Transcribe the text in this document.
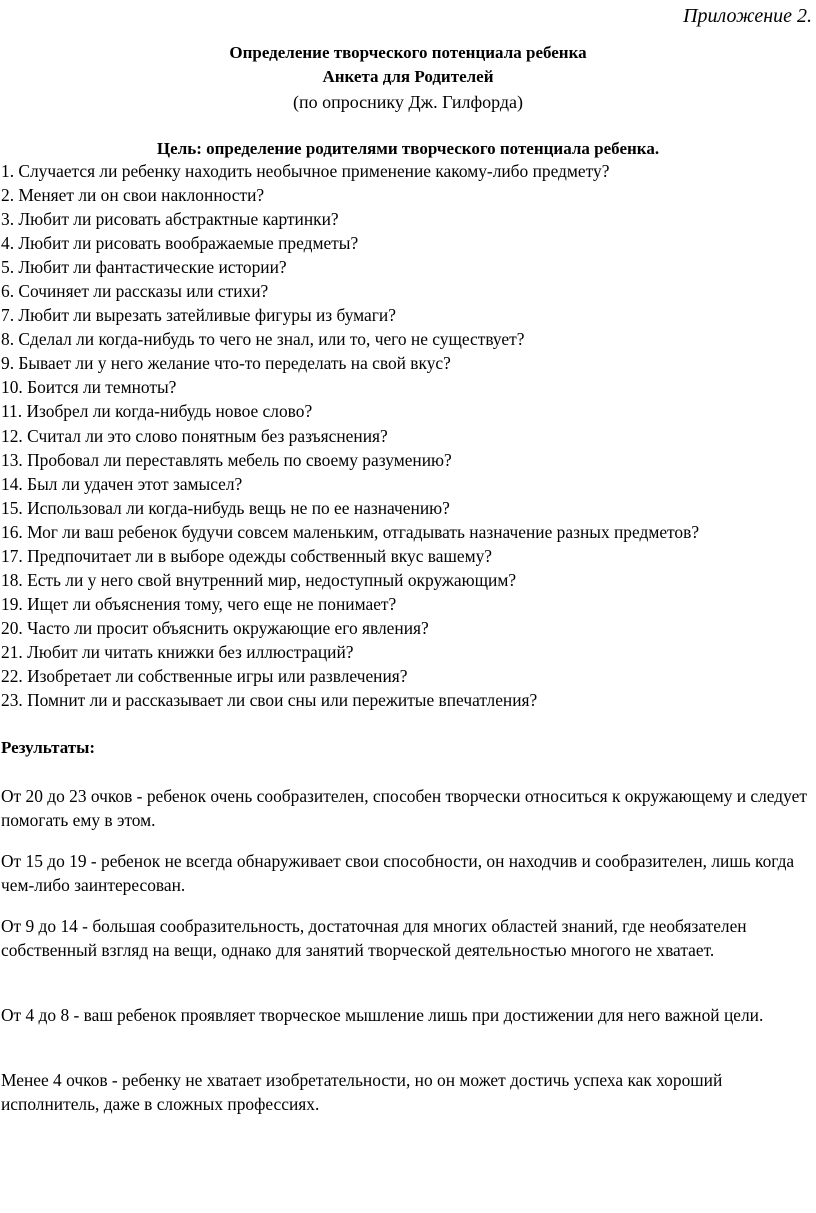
Приложение 2.
Определение творческого потенциала ребенка
Анкета для Родителей
(по опроснику Дж. Гилфорда)
Цель: определение родителями творческого потенциала ребенка.
1. Случается ли ребенку находить необычное применение какому-либо предмету?
2. Меняет ли он свои наклонности?
3. Любит ли рисовать абстрактные картинки?
4. Любит ли рисовать воображаемые предметы?
5. Любит ли фантастические истории?
6. Сочиняет ли рассказы или стихи?
7. Любит ли вырезать затейливые фигуры из бумаги?
8. Сделал ли когда-нибудь то чего не знал, или то, чего не существует?
9. Бывает ли у него желание что-то переделать на свой вкус?
10. Боится ли темноты?
11. Изобрел ли когда-нибудь новое слово?
12. Считал ли это слово понятным без разъяснения?
13. Пробовал ли переставлять мебель по своему разумению?
14. Был ли удачен этот замысел?
15. Использовал ли когда-нибудь вещь не по ее назначению?
16. Мог ли ваш ребенок будучи совсем маленьким, отгадывать назначение разных предметов?
17. Предпочитает ли в выборе одежды собственный вкус вашему?
18. Есть ли у него свой внутренний мир, недоступный окружающим?
19. Ищет ли объяснения тому, чего еще не понимает?
20. Часто ли просит объяснить окружающие его явления?
21. Любит ли читать книжки без иллюстраций?
22. Изобретает ли собственные игры или развлечения?
23. Помнит ли и рассказывает ли свои сны или пережитые впечатления?
Результаты:

От 20 до 23 очков - ребенок очень сообразителен, способен творчески относиться к окружающему и следует помогать ему в этом.

От 15 до 19 - ребенок не всегда обнаруживает свои способности, он находчив и сообразителен, лишь когда чем-либо заинтересован.

От 9 до 14 - большая сообразительность, достаточная для многих областей знаний, где необязателен собственный взгляд на вещи, однако для занятий творческой деятельностью многого не хватает.

От 4 до 8 - ваш ребенок проявляет творческое мышление лишь при достижении для него важной цели.

Менее 4 очков - ребенку не хватает изобретательности, но он может достичь успеха как хороший исполнитель, даже в сложных профессиях.
